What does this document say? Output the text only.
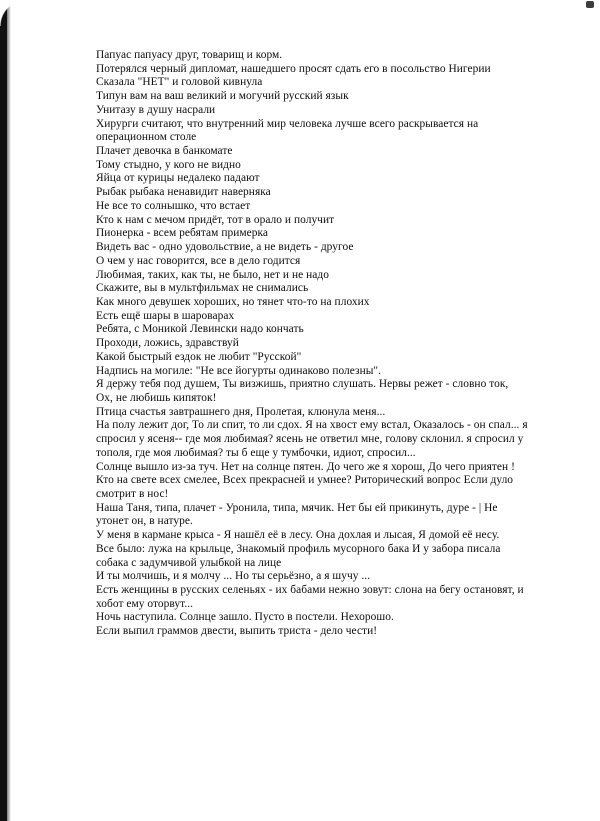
Папуас папуасу друг, товарищ и корм.
Потерялся черный дипломат, нашедшего просят сдать его в посольство Нигерии
Сказала "НЕТ" и головой кивнула
Типун вам на ваш великий и могучий русский язык
Унитазу в душу насрали
Хирурги считают, что внутренний мир человека лучше всего раскрывается на операционном столе
Плачет девочка в банкомате
Тому стыдно, у кого не видно
Яйца от курицы недалеко падают
Рыбак рыбака ненавидит наверняка
Не все то солнышко, что встает
Кто к нам с мечом придёт, тот в орало и получит
Пионерка - всем ребятам примерка
Видеть вас - одно удовольствие, а не видеть - другое
О чем у нас говорится, все в дело годится
Любимая, таких, как ты, не было, нет и не надо
Скажите, вы в мультфильмах не снимались
Как много девушек хороших, но тянет что-то на плохих
Есть ещё шары в шароварах
Ребята, с Моникой Левински надо кончать
Проходи, ложись, здравствуй
Какой быстрый ездок не любит "Русской"
Надпись на могиле: "Не все йогурты одинаково полезны".
Я держу тебя под душем, Ты визжишь, приятно слушать. Нервы режет - словно ток, Ох, не любишь кипяток!
Птица счастья завтрашнего дня, Пролетая, клюнула меня...
На полу лежит дог, То ли спит, то ли сдох. Я на хвост ему встал, Оказалось - он спал... я спросил у ясеня-- где моя любимая? ясень не ответил мне, голову склонил. я спросил у тополя, где моя любимая? ты б еще у тумбочки, идиот, спросил...
Солнце вышло из-за туч. Нет на солнце пятен. До чего же я хорош, До чего приятен !
Кто на свете всех смелее, Всех прекрасней и умнее? Риторический вопрос Если дуло смотрит в нос!
Наша Таня, типа, плачет - Уронила, типа, мячик. Нет бы ей прикинуть, дуре - | Не утонет он, в натуре.
У меня в кармане крыса - Я нашёл её в лесу. Она дохлая и лысая, Я домой её несу.
Все было: лужа на крыльце, Знакомый профиль мусорного бака И у забора писала собака с задумчивой улыбкой на лице
И ты молчишь, и я молчу ... Но ты серьёзно, а я шучу ...
Есть женщины в русских селеньях - их бабами нежно зовут: слона на бегу остановят, и хобот ему оторвут...
Ночь наступила. Солнце зашло. Пусто в постели. Нехорошо.
Если выпил граммов двести, выпить триста - дело чести!
